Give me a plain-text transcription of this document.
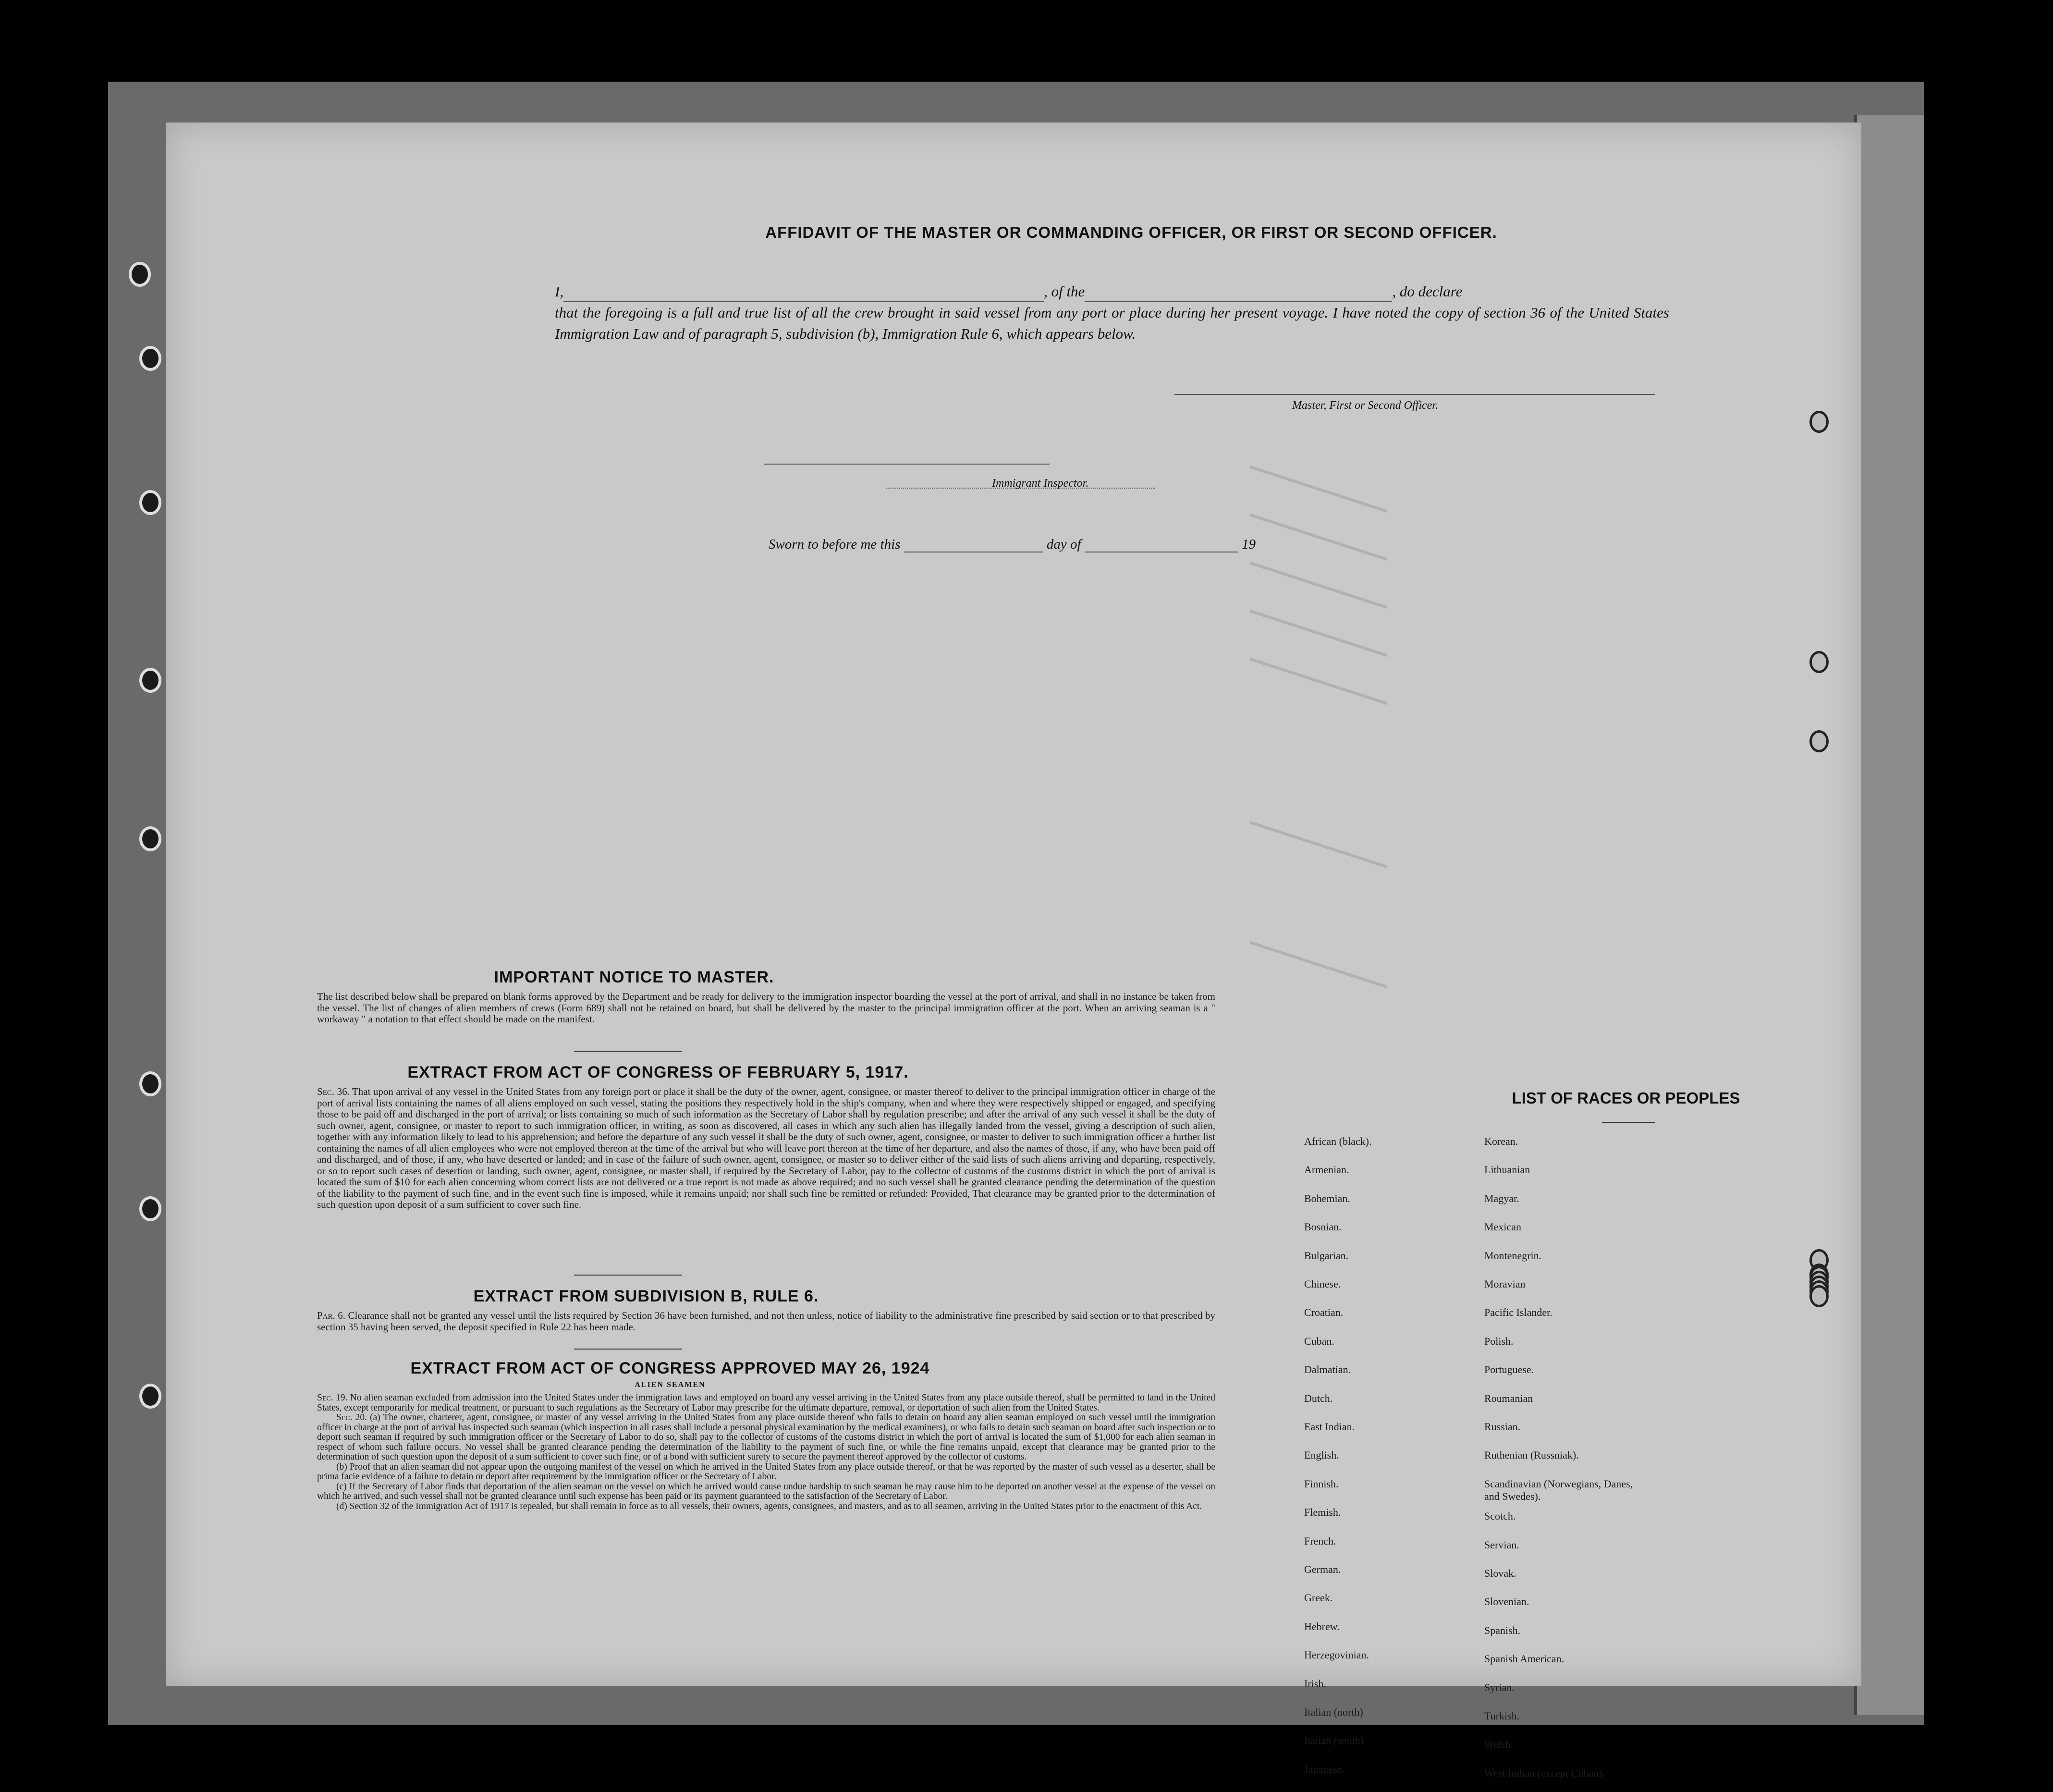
AFFIDAVIT OF THE MASTER OR COMMANDING OFFICER, OR FIRST OR SECOND OFFICER.
I,	, of the	, do declare
that the foregoing is a full and true list of all the crew brought in said vessel from any port or place during her present voyage. I have noted the copy of section 36 of the United States Immigration Law and of paragraph 5, subdivision (b), Immigration Rule 6, which appears below.
Master, First or Second Officer.
Sworn to before me this	day of	19
Immigrant Inspector.
IMPORTANT NOTICE TO MASTER.

The list described below shall be prepared on blank forms approved by the Department and be ready for delivery to the immigration inspector boarding the vessel at the port of arrival, and shall in no instance be taken from the vessel. The list of changes of alien members of crews (Form 689) shall not be retained on board, but shall be delivered by the master to the principal immigration officer at the port. When an arriving seaman is a " workaway " a notation to that effect should be made on the manifest.

EXTRACT FROM ACT OF CONGRESS OF FEBRUARY 5, 1917.

Sec. 36. That upon arrival of any vessel in the United States from any foreign port or place it shall be the duty of the owner, agent, consignee, or master thereof to deliver to the principal immigration officer in charge of the port of arrival lists containing the names of all aliens employed on such vessel, stating the positions they respectively hold in the ship's company, when and where they were respectively shipped or engaged, and specifying those to be paid off and discharged in the port of arrival; or lists containing so much of such information as the Secretary of Labor shall by regulation prescribe; and after the arrival of any such vessel it shall be the duty of such owner, agent, consignee, or master to report to such immigration officer, in writing, as soon as discovered, all cases in which any such alien has illegally landed from the vessel, giving a description of such alien, together with any information likely to lead to his apprehension; and before the departure of any such vessel it shall be the duty of such owner, agent, consignee, or master to deliver to such immigration officer a further list containing the names of all alien employees who were not employed thereon at the time of the arrival but who will leave port thereon at the time of her departure, and also the names of those, if any, who have been paid off and discharged, and of those, if any, who have deserted or landed; and in case of the failure of such owner, agent, consignee, or master so to deliver either of the said lists of such aliens arriving and departing, respectively, or so to report such cases of desertion or landing, such owner, agent, consignee, or master shall, if required by the Secretary of Labor, pay to the collector of customs of the customs district in which the port of arrival is located the sum of $10 for each alien concerning whom correct lists are not delivered or a true report is not made as above required; and no such vessel shall be granted clearance pending the determination of the question of the liability to the payment of such fine, and in the event such fine is imposed, while it remains unpaid; nor shall such fine be remitted or refunded: Provided, That clearance may be granted prior to the determination of such question upon deposit of a sum sufficient to cover such fine.

EXTRACT FROM SUBDIVISION B, RULE 6.

Par. 6. Clearance shall not be granted any vessel until the lists required by Section 36 have been furnished, and not then unless, notice of liability to the administrative fine prescribed by said section or to that prescribed by section 35 having been served, the deposit specified in Rule 22 has been made.

EXTRACT FROM ACT OF CONGRESS APPROVED MAY 26, 1924
ALIEN SEAMEN
Sec. 19. No alien seaman excluded from admission into the United States under the immigration laws and employed on board any vessel arriving in the United States from any place outside thereof, shall be permitted to land in the United States, except temporarily for medical treatment, or pursuant to such regulations as the Secretary of Labor may prescribe for the ultimate departure, removal, or deportation of such alien from the United States.
Sec. 20. (a) The owner, charterer, agent, consignee, or master of any vessel arriving in the United States from any place outside thereof who fails to detain on board any alien seaman employed on such vessel until the immigration officer in charge at the port of arrival has inspected such seaman (which inspection in all cases shall include a personal physical examination by the medical examiners), or who fails to detain such seaman on board after such inspection or to deport such seaman if required by such immigration officer or the Secretary of Labor to do so, shall pay to the collector of customs of the customs district in which the port of arrival is located the sum of $1,000 for each alien seaman in respect of whom such failure occurs. No vessel shall be granted clearance pending the determination of the liability to the payment of such fine, or while the fine remains unpaid, except that clearance may be granted prior to the determination of such question upon the deposit of a sum sufficient to cover such fine, or of a bond with sufficient surety to secure the payment thereof approved by the collector of customs.
(b) Proof that an alien seaman did not appear upon the outgoing manifest of the vessel on which he arrived in the United States from any place outside thereof, or that he was reported by the master of such vessel as a deserter, shall be prima facie evidence of a failure to detain or deport after requirement by the immigration officer or the Secretary of Labor.
(c) If the Secretary of Labor finds that deportation of the alien seaman on the vessel on which he arrived would cause undue hardship to such seaman he may cause him to be deported on another vessel at the expense of the vessel on which he arrived, and such vessel shall not be granted clearance until such expense has been paid or its payment guaranteed to the satisfaction of the Secretary of Labor.
(d) Section 32 of the Immigration Act of 1917 is repealed, but shall remain in force as to all vessels, their owners, agents, consignees, and masters, and as to all seamen, arriving in the United States prior to the enactment of this Act.
LIST OF RACES OR PEOPLES
African (black).
Armenian.
Bohemian.
Bosnian.
Bulgarian.
Chinese.
Croatian.
Cuban.
Dalmatian.
Dutch.
East Indian.
English.
Finnish.
Flemish.
French.
German.
Greek.
Hebrew.
Herzegovinian.
Irish.
Italian (north)
Italian (south)
Japanese.
Korean.
Lithuanian
Magyar.
Mexican
Montenegrin.
Moravian
Pacific Islander.
Polish.
Portuguese.
Roumanian
Russian.
Ruthenian (Russniak).
Scandinavian (Norwegians, Danes, and Swedes).
Scotch.
Servian.
Slovak.
Slovenian.
Spanish.
Spanish American.
Syrian.
Turkish.
Welsh.
West Indian (except Cuban).
